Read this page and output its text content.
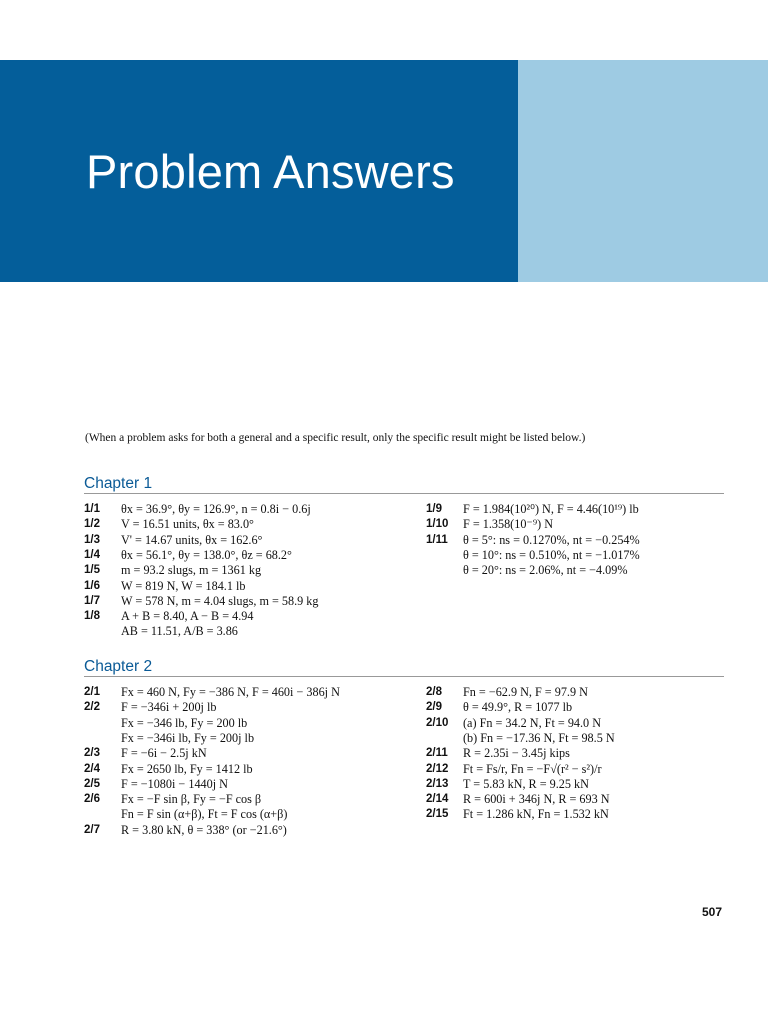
Problem Answers
(When a problem asks for both a general and a specific result, only the specific result might be listed below.)
Chapter 1
1/1 θx = 36.9°, θy = 126.9°, n = 0.8i − 0.6j
1/2 V = 16.51 units, θx = 83.0°
1/3 V' = 14.67 units, θx = 162.6°
1/4 θx = 56.1°, θy = 138.0°, θz = 68.2°
1/5 m = 93.2 slugs, m = 1361 kg
1/6 W = 819 N, W = 184.1 lb
1/7 W = 578 N, m = 4.04 slugs, m = 58.9 kg
1/8 A + B = 8.40, A − B = 4.94
AB = 11.51, A/B = 3.86
1/9 F = 1.984(10²⁰) N, F = 4.46(10¹⁹) lb
1/10 F = 1.358(10⁻⁹) N
1/11 θ = 5°: ns = 0.1270%, nt = −0.254%
θ = 10°: ns = 0.510%, nt = −1.017%
θ = 20°: ns = 2.06%, nt = −4.09%
Chapter 2
2/1 Fx = 460 N, Fy = −386 N, F = 460i − 386j N
2/2 F = −346i + 200j lb
Fx = −346 lb, Fy = 200 lb
Fx = −346i lb, Fy = 200j lb
2/3 F = −6i − 2.5j kN
2/4 Fx = 2650 lb, Fy = 1412 lb
2/5 F = −1080i − 1440j N
2/6 Fx = −F sin β, Fy = −F cos β
Fn = F sin (α+β), Ft = F cos (α+β)
2/7 R = 3.80 kN, θ = 338° (or −21.6°)
2/8 Fn = −62.9 N, F = 97.9 N
2/9 θ = 49.9°, R = 1077 lb
2/10 (a) Fn = 34.2 N, Ft = 94.0 N
(b) Fn = −17.36 N, Ft = 98.5 N
2/11 R = 2.35i − 3.45j kips
2/12 Ft = Fs/r, Fn = −F√(r² − s²)/r
2/13 T = 5.83 kN, R = 9.25 kN
2/14 R = 600i + 346j N, R = 693 N
2/15 Ft = 1.286 kN, Fn = 1.532 kN
507
